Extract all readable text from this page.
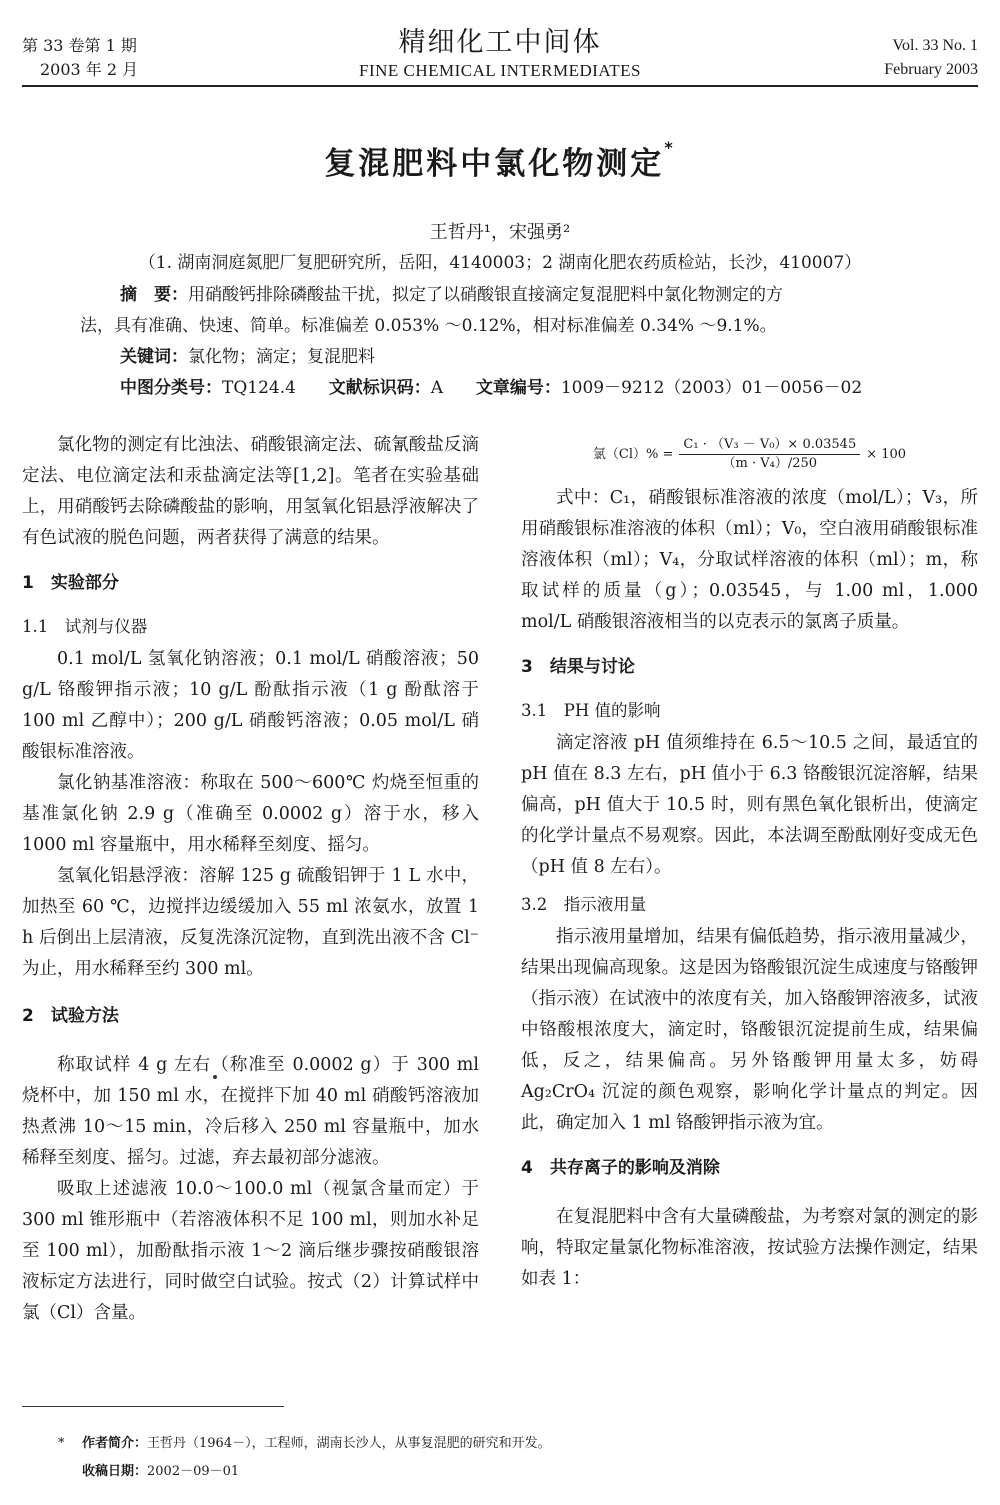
第 33 卷第 1 期
2003 年 2 月
精细化工中间体
FINE CHEMICAL INTERMEDIATES
Vol. 33 No. 1
February 2003
复混肥料中氯化物测定*
王哲丹¹，宋强勇²
（1. 湖南洞庭氮肥厂复肥研究所，岳阳，4140003；2 湖南化肥农药质检站，长沙，410007）
摘　要：用硝酸钙排除磷酸盐干扰，拟定了以硝酸银直接滴定复混肥料中氯化物测定的方
法，具有准确、快速、简单。标准偏差 0.053% ～0.12%，相对标准偏差 0.34% ～9.1%。
关键词：氯化物；滴定；复混肥料
中图分类号：TQ124.4 文献标识码：A 文章编号：1009－9212（2003）01－0056－02

氯化物的测定有比浊法、硝酸银滴定法、硫氰酸盐反滴定法、电位滴定法和汞盐滴定法等[1,2]。笔者在实验基础上，用硝酸钙去除磷酸盐的影响，用氢氧化铝悬浮液解决了有色试液的脱色问题，两者获得了满意的结果。

1　实验部分
1.1　试剂与仪器

0.1 mol/L 氢氧化钠溶液；0.1 mol/L 硝酸溶液；50 g/L 铬酸钾指示液；10 g/L 酚酞指示液（1 g 酚酞溶于 100 ml 乙醇中）；200 g/L 硝酸钙溶液；0.05 mol/L 硝酸银标准溶液。

氯化钠基准溶液：称取在 500～600℃ 灼烧至恒重的基准氯化钠 2.9 g（准确至 0.0002 g）溶于水，移入 1000 ml 容量瓶中，用水稀释至刻度、摇匀。

氢氧化铝悬浮液：溶解 125 g 硫酸铝钾于 1 L 水中，加热至 60 ℃，边搅拌边缓缓加入 55 ml 浓氨水，放置 1 h 后倒出上层清液，反复洗涤沉淀物，直到洗出液不含 Cl⁻ 为止，用水稀释至约 300 ml。

2　试验方法

称取试样 4 g 左右（称准至 0.0002 g）于 300 ml 烧杯中，加 150 ml 水，在搅拌下加 40 ml 硝酸钙溶液加热煮沸 10～15 min，冷后移入 250 ml 容量瓶中，加水稀释至刻度、摇匀。过滤，弃去最初部分滤液。

吸取上述滤液 10.0～100.0 ml（视氯含量而定）于 300 ml 锥形瓶中（若溶液体积不足 100 ml，则加水补足至 100 ml），加酚酞指示液 1～2 滴后继步骤按硝酸银溶液标定方法进行，同时做空白试验。按式（2）计算试样中氯（Cl）含量。

氯$(Cl)\% = \frac{\text{C₁ · （V₃ － V₀）× 0.03545}}{\text{（m · V₄）/250}} \times 100$

式中：C₁，硝酸银标准溶液的浓度（mol/L）；V₃，所用硝酸银标准溶液的体积（ml）；V₀，空白液用硝酸银标准溶液体积（ml）；V₄，分取试样溶液的体积（ml）；m，称取试样的质量（g）；0.03545，与 1.00 ml，1.000 mol/L 硝酸银溶液相当的以克表示的氯离子质量。

3　结果与讨论
3.1　PH 值的影响

滴定溶液 pH 值须维持在 6.5～10.5 之间，最适宜的 pH 值在 8.3 左右，pH 值小于 6.3 铬酸银沉淀溶解，结果偏高，pH 值大于 10.5 时，则有黑色氧化银析出，使滴定的化学计量点不易观察。因此，本法调至酚酞刚好变成无色（pH 值 8 左右）。

3.2　指示液用量

指示液用量增加，结果有偏低趋势，指示液用量减少，结果出现偏高现象。这是因为铬酸银沉淀生成速度与铬酸钾（指示液）在试液中的浓度有关，加入铬酸钾溶液多，试液中铬酸根浓度大，滴定时，铬酸银沉淀提前生成，结果偏低，反之，结果偏高。另外铬酸钾用量太多，妨碍 Ag₂CrO₄ 沉淀的颜色观察，影响化学计量点的判定。因此，确定加入 1 ml 铬酸钾指示液为宜。

4　共存离子的影响及消除

在复混肥料中含有大量磷酸盐，为考察对氯的测定的影响，特取定量氯化物标准溶液，按试验方法操作测定，结果如表 1：

* 作者简介：王哲丹（1964－），工程师，湖南长沙人，从事复混肥的研究和开发。
收稿日期：2002－09－01
